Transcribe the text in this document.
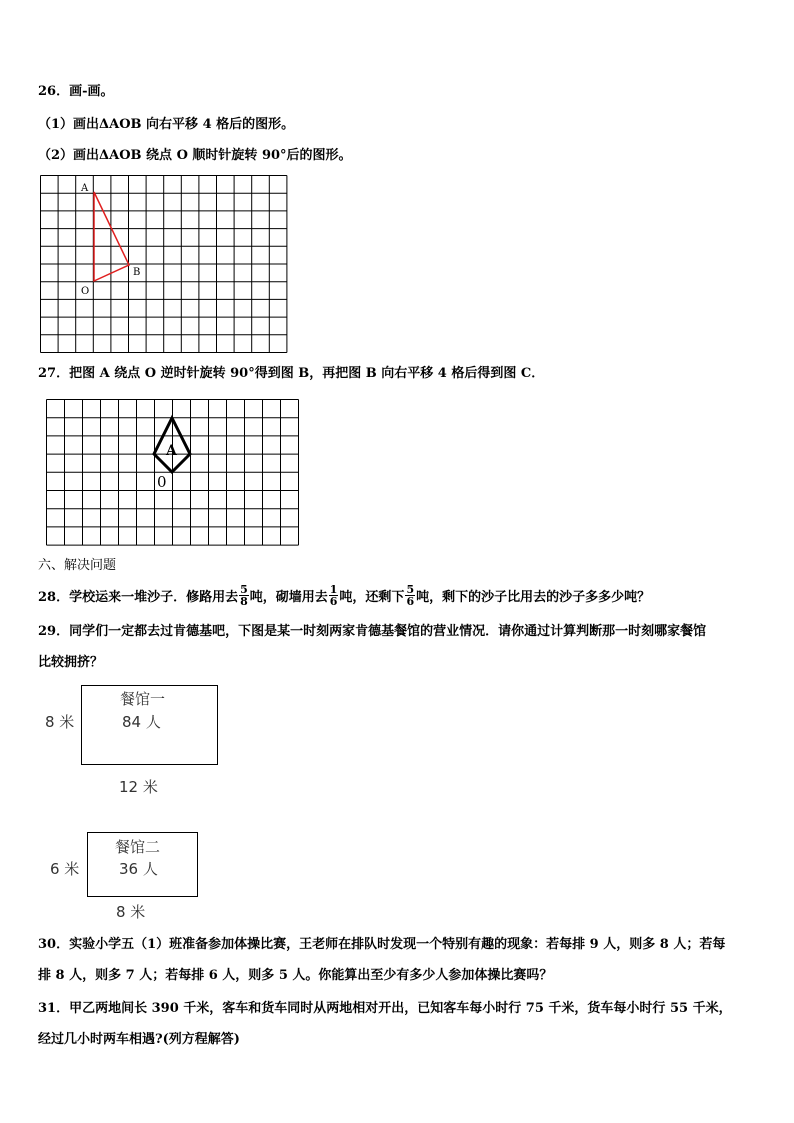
26．画-画。
（1）画出ΔAOB 向右平移 4 格后的图形。
（2）画出ΔAOB 绕点 O 顺时针旋转 90°后的图形。
A
B
O
27．把图 A 绕点 O 逆时针旋转 90°得到图 B，再把图 B 向右平移 4 格后得到图 C．
A
0
六、解决问题
28．学校运来一堆沙子．修路用去 $\frac{5}{8}$ 吨，砌墙用去 $\frac{1}{6}$ 吨，还剩下 $\frac{5}{6}$ 吨，剩下的沙子比用去的沙子多多少吨？
29．同学们一定都去过肯德基吧，下图是某一时刻两家肯德基餐馆的营业情况．请你通过计算判断那一时刻哪家餐馆
比较拥挤？
餐馆一
84 人
8 米
12 米
餐馆二
36 人
6 米
8 米
30．实验小学五（1）班准备参加体操比赛，王老师在排队时发现一个特别有趣的现象：若每排 9 人，则多 8 人；若每
排 8 人，则多 7 人；若每排 6 人，则多 5 人。你能算出至少有多少人参加体操比赛吗？
31．甲乙两地间长 390 千米，客车和货车同时从两地相对开出，已知客车每小时行 75 千米，货车每小时行 55 千米，
经过几小时两车相遇?(列方程解答)
